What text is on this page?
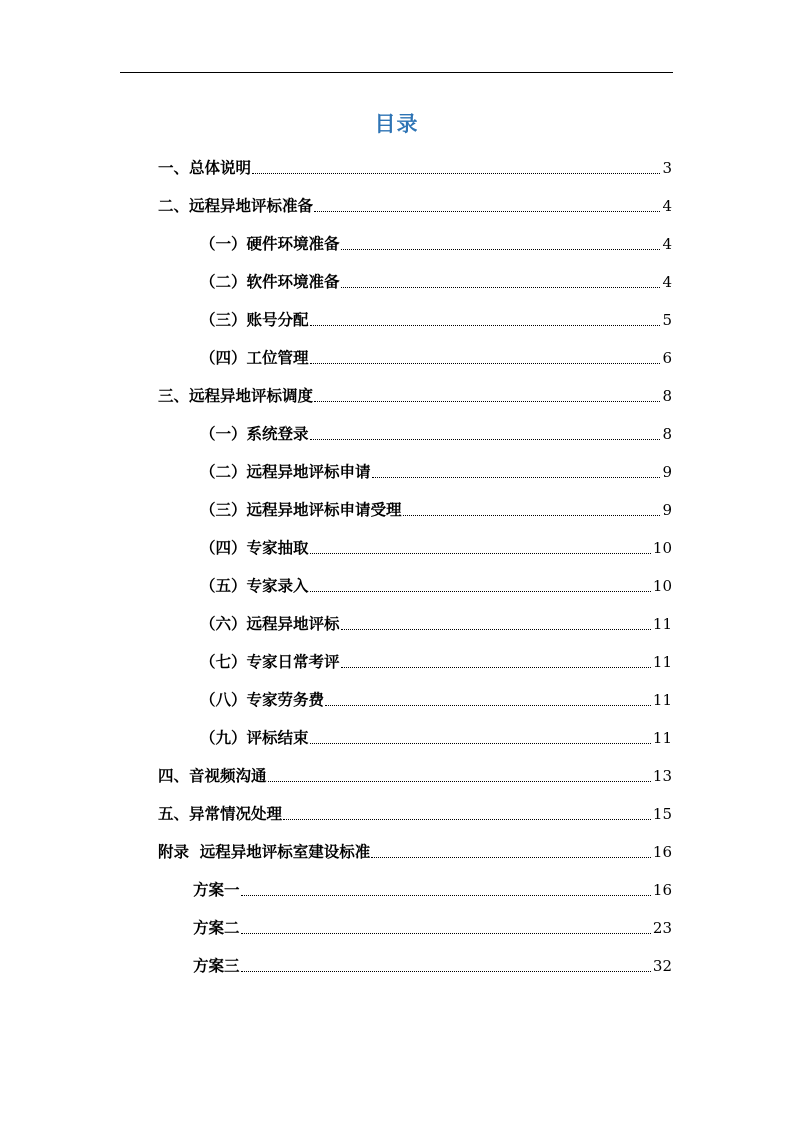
目录
一、总体说明	3
二、远程异地评标准备	4
（一）硬件环境准备	4
（二）软件环境准备	4
（三）账号分配	5
（四）工位管理	6
三、远程异地评标调度	8
（一）系统登录	8
（二）远程异地评标申请	9
（三）远程异地评标申请受理	9
（四）专家抽取	10
（五）专家录入	10
（六）远程异地评标	11
（七）专家日常考评	11
（八）专家劳务费	11
（九）评标结束	11
四、音视频沟通	13
五、异常情况处理	15
附录  远程异地评标室建设标准	16
方案一	16
方案二	23
方案三	32
